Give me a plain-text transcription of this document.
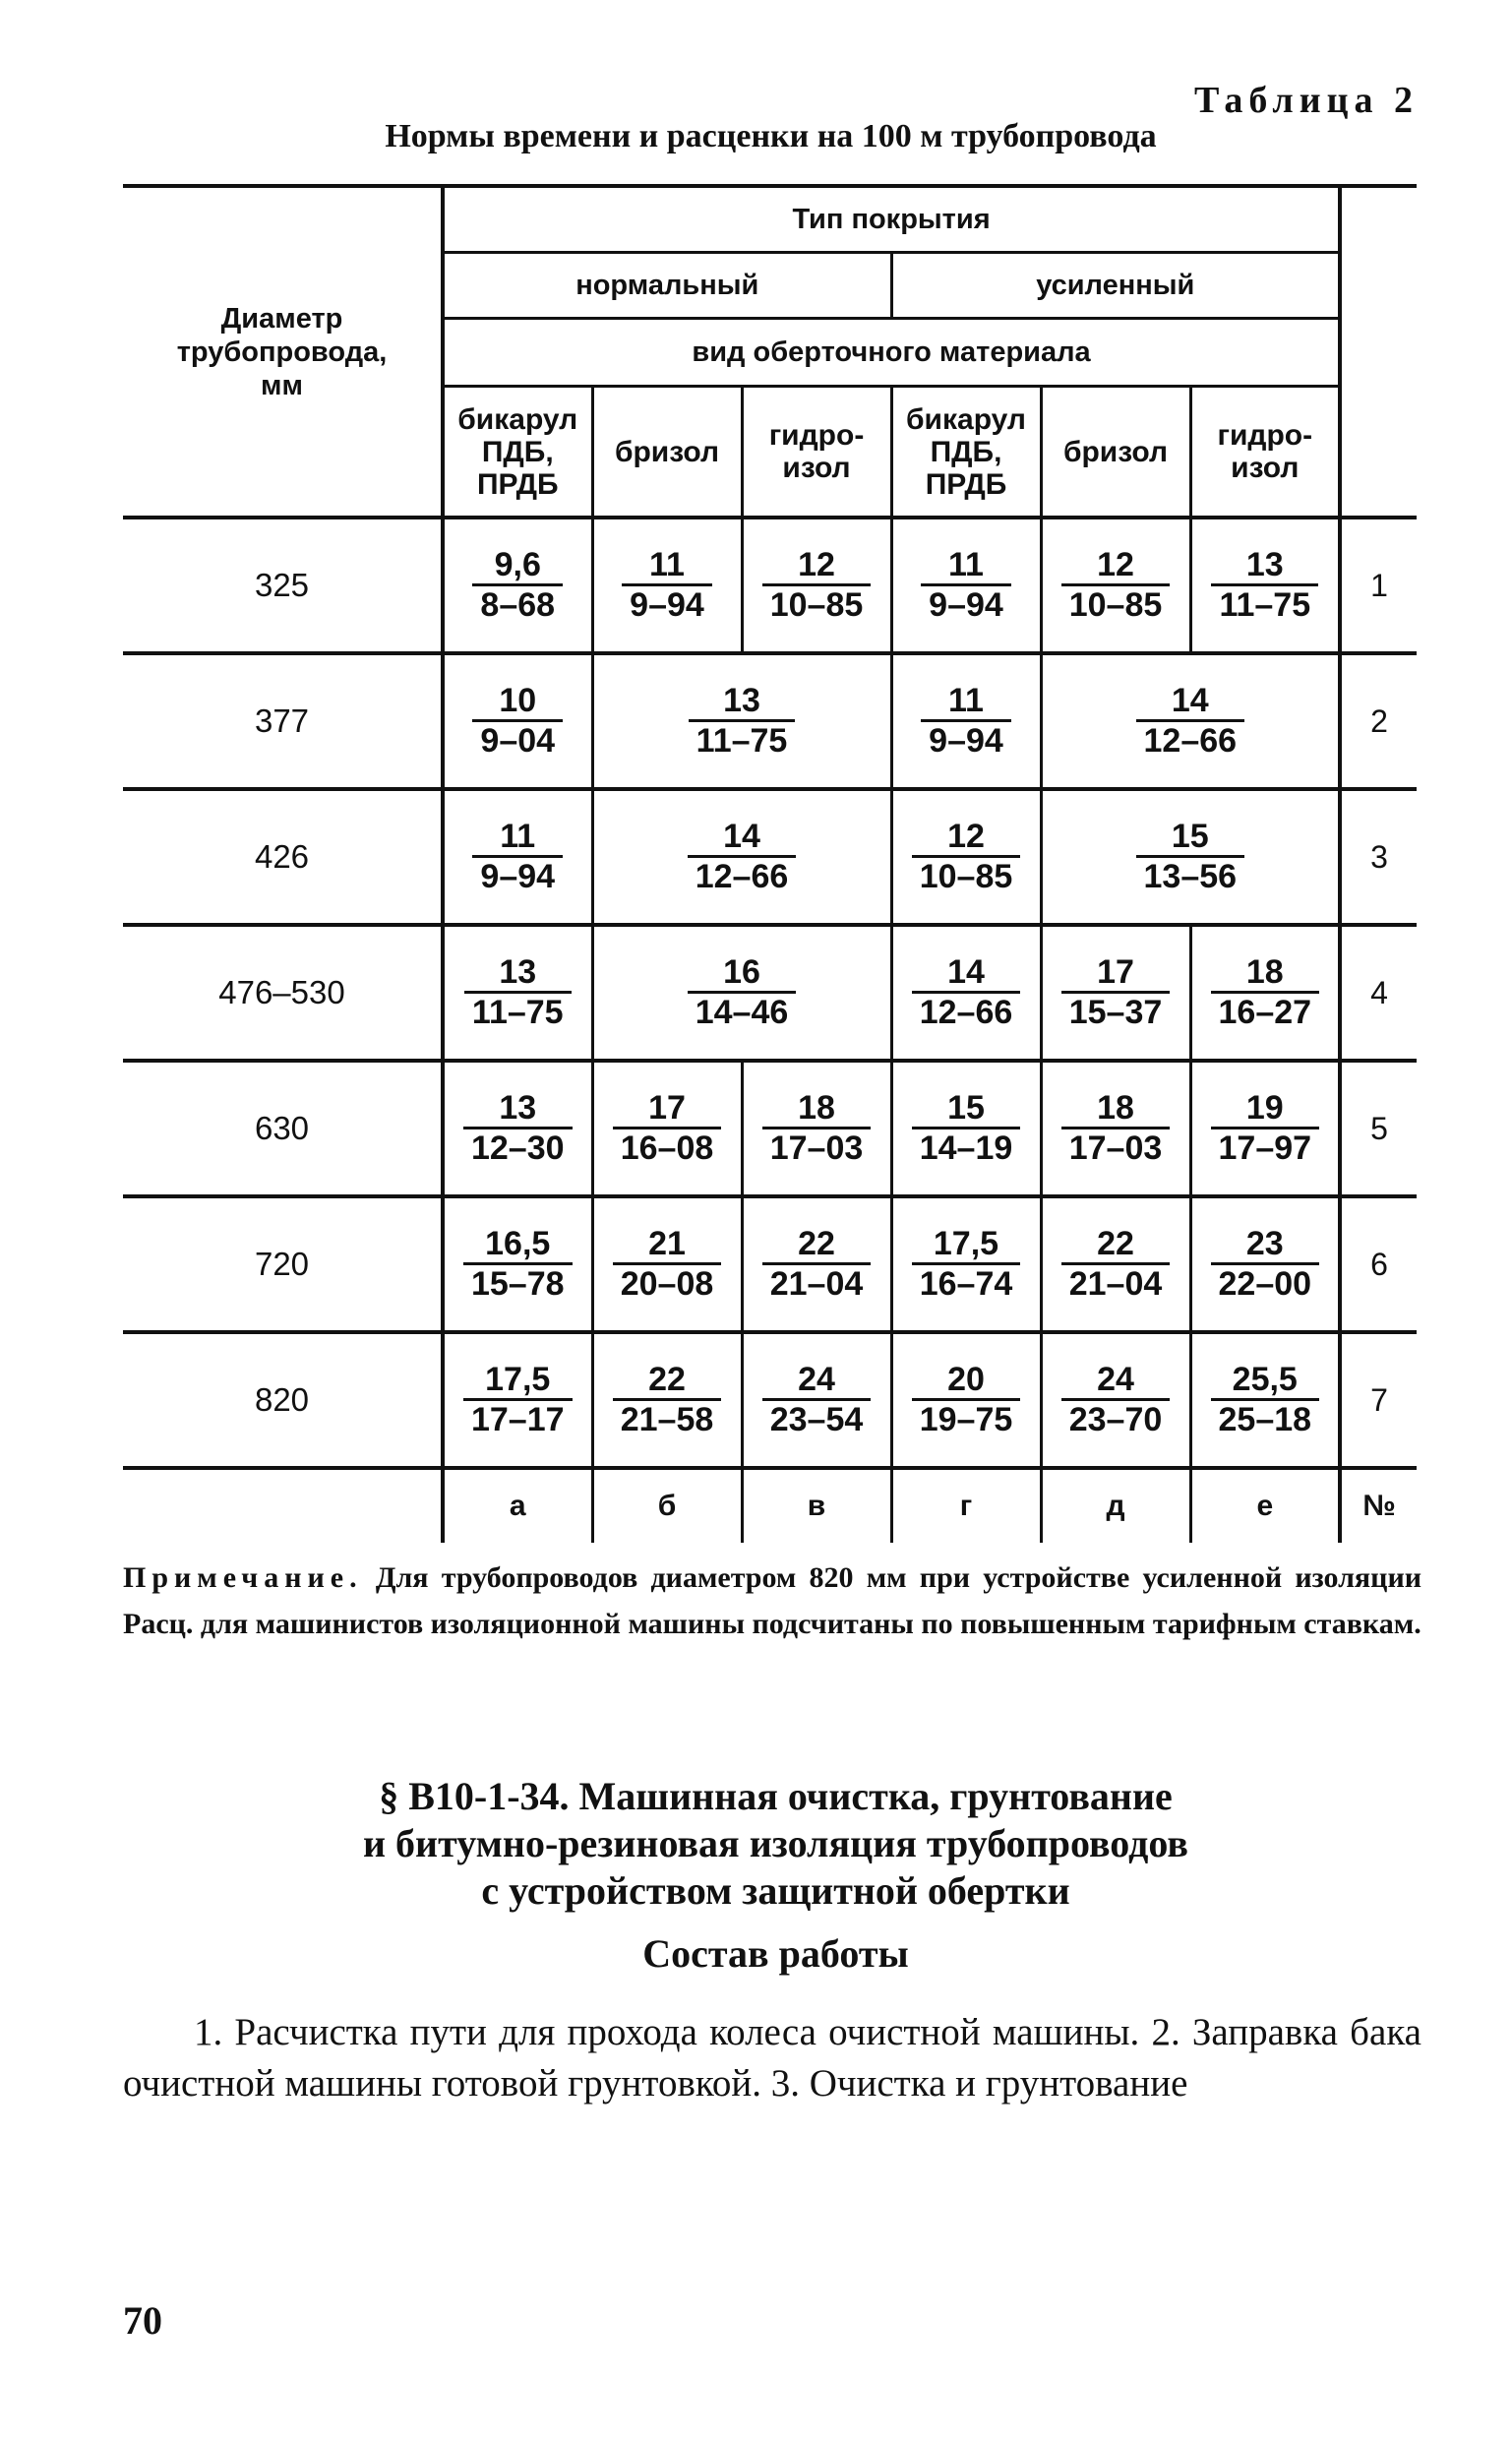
Таблица 2
Нормы времени и расценки на 100 м трубопровода
Диаметр трубопровода, мм	Тип покрытия						
	нормальный			усиленный			
	вид оберточного материала						
	бикарул ПДБ, ПРДБ	бризол	гидро-изол	бикарул ПДБ, ПРДБ	бризол	гидро-изол	
325	$\frac{9,6}{8-68}$	$\frac{11}{9-94}$	$\frac{12}{10-85}$	$\frac{11}{9-94}$	$\frac{12}{10-85}$	$\frac{13}{11-75}$	1
377	$\frac{10}{9-04}$	$\frac{13}{11-75}$		$\frac{11}{9-94}$	$\frac{14}{12-66}$		2
426	$\frac{11}{9-94}$	$\frac{14}{12-66}$		$\frac{12}{10-85}$	$\frac{15}{13-56}$		3
476–530	$\frac{13}{11-75}$	$\frac{16}{14-46}$		$\frac{14}{12-66}$	$\frac{17}{15-37}$	$\frac{18}{16-27}$	4
630	$\frac{13}{12-30}$	$\frac{17}{16-08}$	$\frac{18}{17-03}$	$\frac{15}{14-19}$	$\frac{18}{17-03}$	$\frac{19}{17-97}$	5
720	$\frac{16,5}{15-78}$	$\frac{21}{20-08}$	$\frac{22}{21-04}$	$\frac{17,5}{16-74}$	$\frac{22}{21-04}$	$\frac{23}{22-00}$	6
820	$\frac{17,5}{17-17}$	$\frac{22}{21-58}$	$\frac{24}{23-54}$	$\frac{20}{19-75}$	$\frac{24}{23-70}$	$\frac{25,5}{25-18}$	7
	а	б	в	г	д	е	№
Примечание. Для трубопроводов диаметром 820 мм при устройстве усиленной изоляции Расц. для машинистов изоляционной машины подсчитаны по повышенным тарифным ставкам.
§ В10-1-34. Машинная очистка, грунтование
и битумно-резиновая изоляция трубопроводов
с устройством защитной обертки
Состав работы
1. Расчистка пути для прохода колеса очистной машины. 2. Заправка бака очистной машины готовой грунтовкой. 3. Очистка и грунтование
70
